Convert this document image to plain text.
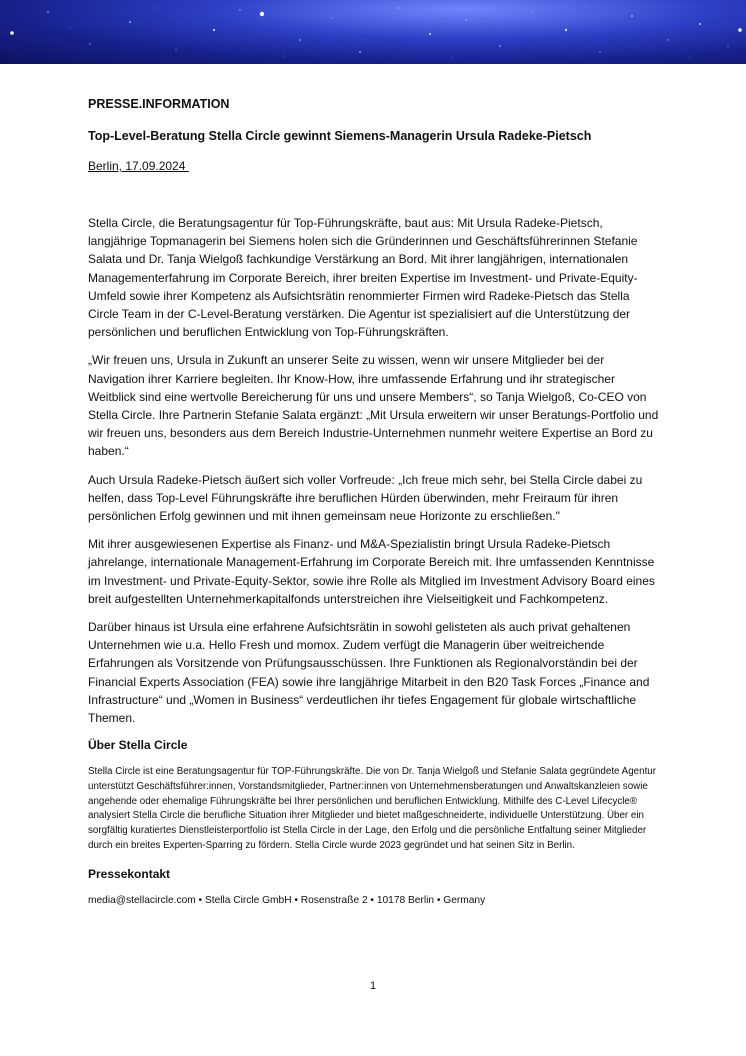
PRESSE.INFORMATION
Top-Level-Beratung Stella Circle gewinnt Siemens-Managerin Ursula Radeke-Pietsch
Berlin, 17.09.2024

Stella Circle, die Beratungsagentur für Top-Führungskräfte, baut aus: Mit Ursula Radeke-Pietsch, langjährige Topmanagerin bei Siemens holen sich die Gründerinnen und Geschäftsführerinnen Stefanie Salata und Dr. Tanja Wielgoß fachkundige Verstärkung an Bord. Mit ihrer langjährigen, internationalen Managementerfahrung im Corporate Bereich, ihrer breiten Expertise im Investment- und Private-Equity-Umfeld sowie ihrer Kompetenz als Aufsichtsrätin renommierter Firmen wird Radeke-Pietsch das Stella Circle Team in der C-Level-Beratung verstärken. Die Agentur ist spezialisiert auf die Unterstützung der persönlichen und beruflichen Entwicklung von Top-Führungskräften.

„Wir freuen uns, Ursula in Zukunft an unserer Seite zu wissen, wenn wir unsere Mitglieder bei der Navigation ihrer Karriere begleiten. Ihr Know-How, ihre umfassende Erfahrung und ihr strategischer Weitblick sind eine wertvolle Bereicherung für uns und unsere Members“, so Tanja Wielgoß, Co-CEO von Stella Circle. Ihre Partnerin Stefanie Salata ergänzt: „Mit Ursula erweitern wir unser Beratungs-Portfolio und wir freuen uns, besonders aus dem Bereich Industrie-Unternehmen nunmehr weitere Expertise an Bord zu haben.“

Auch Ursula Radeke-Pietsch äußert sich voller Vorfreude: „Ich freue mich sehr, bei Stella Circle dabei zu helfen, dass Top-Level Führungskräfte ihre beruflichen Hürden überwinden, mehr Freiraum für ihren persönlichen Erfolg gewinnen und mit ihnen gemeinsam neue Horizonte zu erschließen."

Mit ihrer ausgewiesenen Expertise als Finanz- und M&A-Spezialistin bringt Ursula Radeke-Pietsch jahrelange, internationale Management-Erfahrung im Corporate Bereich mit. Ihre umfassenden Kenntnisse im Investment- und Private-Equity-Sektor, sowie ihre Rolle als Mitglied im Investment Advisory Board eines breit aufgestellten Unternehmerkapitalfonds unterstreichen ihre Vielseitigkeit und Fachkompetenz.

Darüber hinaus ist Ursula eine erfahrene Aufsichtsrätin in sowohl gelisteten als auch privat gehaltenen Unternehmen wie u.a. Hello Fresh und momox. Zudem verfügt die Managerin über weitreichende Erfahrungen als Vorsitzende von Prüfungsausschüssen. Ihre Funktionen als Regionalvorständin bei der Financial Experts Association (FEA) sowie ihre langjährige Mitarbeit in den B20 Task Forces „Finance and Infrastructure“ und „Women in Business“ verdeutlichen ihr tiefes Engagement für globale wirtschaftliche Themen.

Über Stella Circle

Stella Circle ist eine Beratungsagentur für TOP-Führungskräfte. Die von Dr. Tanja Wielgoß und Stefanie Salata gegründete Agentur unterstützt Geschäftsführer:innen, Vorstandsmitglieder, Partner:innen von Unternehmensberatungen und Anwaltskanzleien sowie angehende oder ehemalige Führungskräfte bei Ihrer persönlichen und beruflichen Entwicklung. Mithilfe des C-Level Lifecycle® analysiert Stella Circle die berufliche Situation ihrer Mitglieder und bietet maßgeschneiderte, individuelle Unterstützung. Über ein sorgfältig kuratiertes Dienstleisterportfolio ist Stella Circle in der Lage, den Erfolg und die persönliche Entfaltung seiner Mitglieder durch ein breites Experten-Sparring zu fördern. Stella Circle wurde 2023 gegründet und hat seinen Sitz in Berlin.

Pressekontakt

media@stellacircle.com • Stella Circle GmbH • Rosenstraße 2 • 10178 Berlin • Germany

1
